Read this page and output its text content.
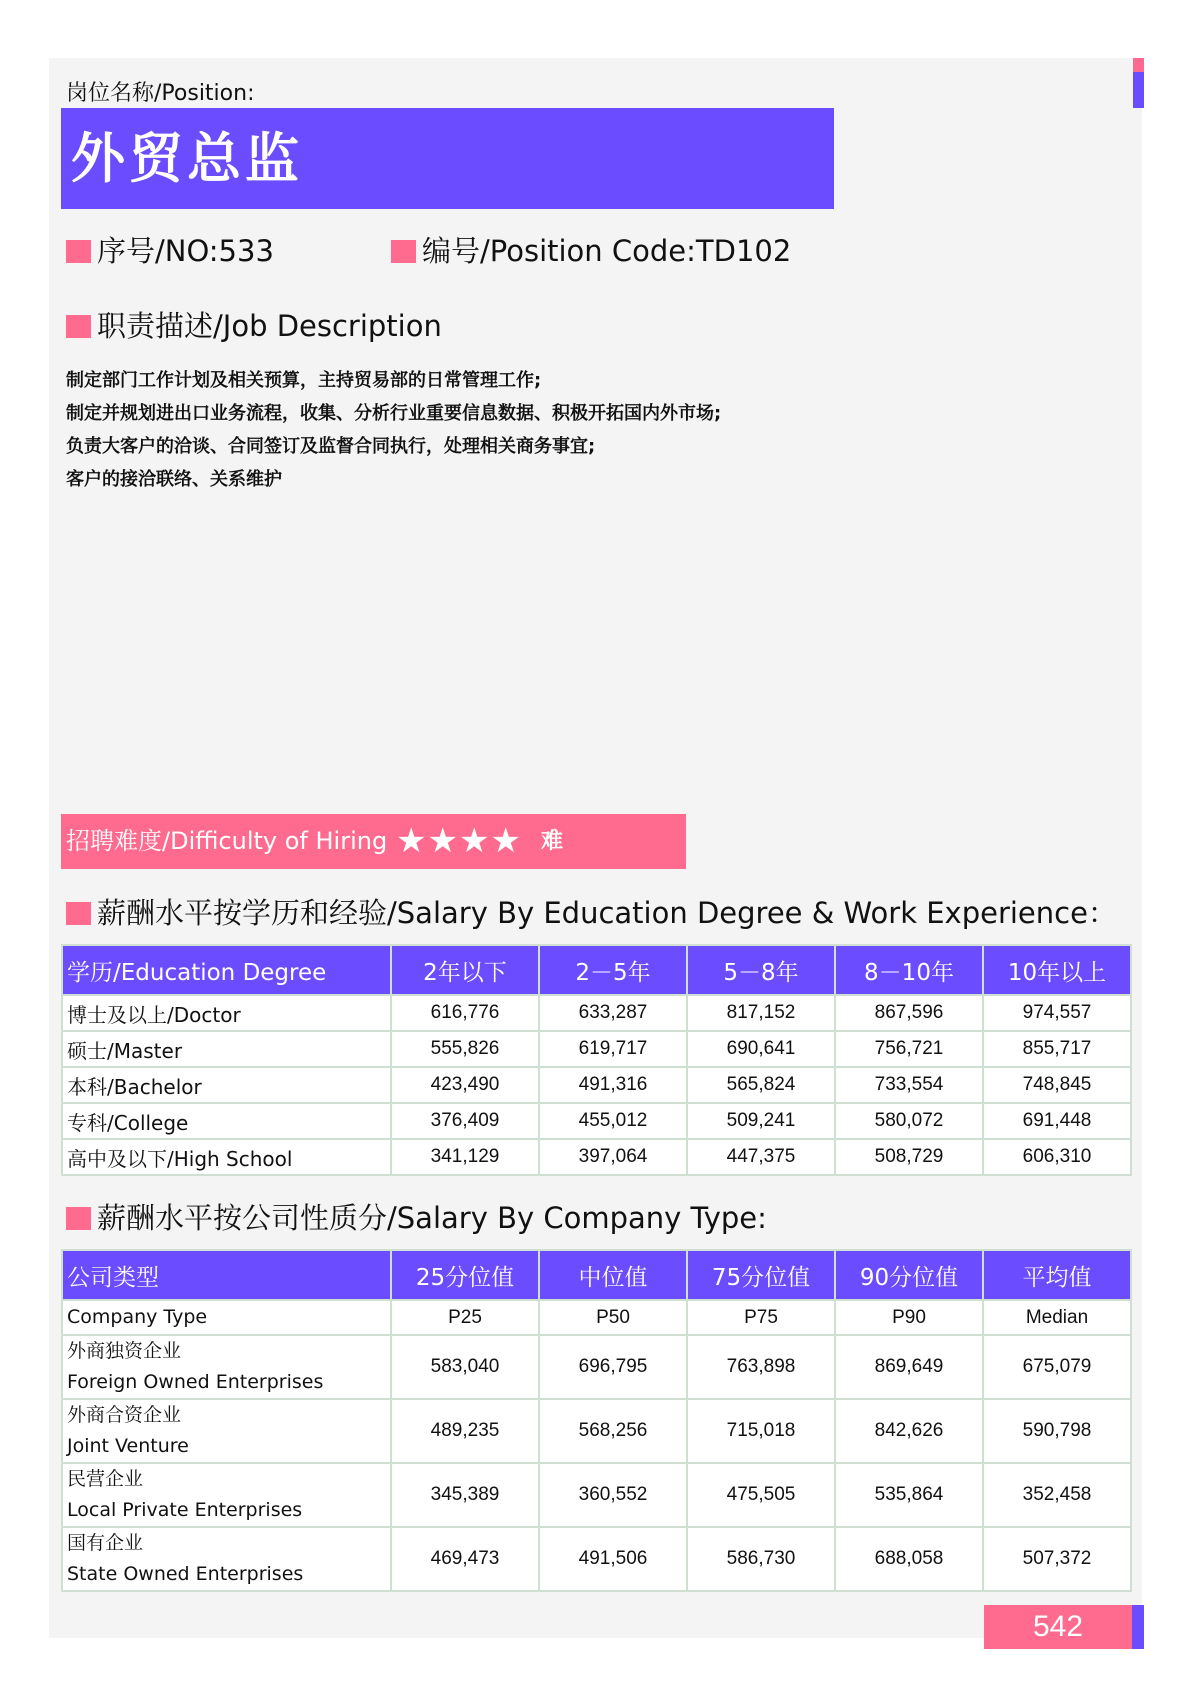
岗位名称/Position:
外贸总监
序号/NO:533	编号/Position Code:TD102
职责描述/Job Description
制定部门工作计划及相关预算，主持贸易部的日常管理工作;
制定并规划进出口业务流程，收集、分析行业重要信息数据、积极开拓国内外市场;
负责大客户的洽谈、合同签订及监督合同执行，处理相关商务事宜;
客户的接洽联络、关系维护
招聘难度/Difficulty of Hiring ★★★★ 难
薪酬水平按学历和经验/Salary By Education Degree & Work Experience：
学历/Education Degree	2年以下	2－5年	5－8年	8－10年	10年以上
博士及以上/Doctor	616,776	633,287	817,152	867,596	974,557
硕士/Master	555,826	619,717	690,641	756,721	855,717
本科/Bachelor	423,490	491,316	565,824	733,554	748,845
专科/College	376,409	455,012	509,241	580,072	691,448
高中及以下/High School	341,129	397,064	447,375	508,729	606,310
薪酬水平按公司性质分/Salary By Company Type:
公司类型	25分位值	中位值	75分位值	90分位值	平均值
Company Type	P25	P50	P75	P90	Median

外商独资企业
Foreign Owned Enterprises	583,040	696,795	763,898	869,649	675,079

外商合资企业
Joint Venture	489,235	568,256	715,018	842,626	590,798

民营企业
Local Private Enterprises	345,389	360,552	475,505	535,864	352,458

国有企业
State Owned Enterprises	469,473	491,506	586,730	688,058	507,372
542
